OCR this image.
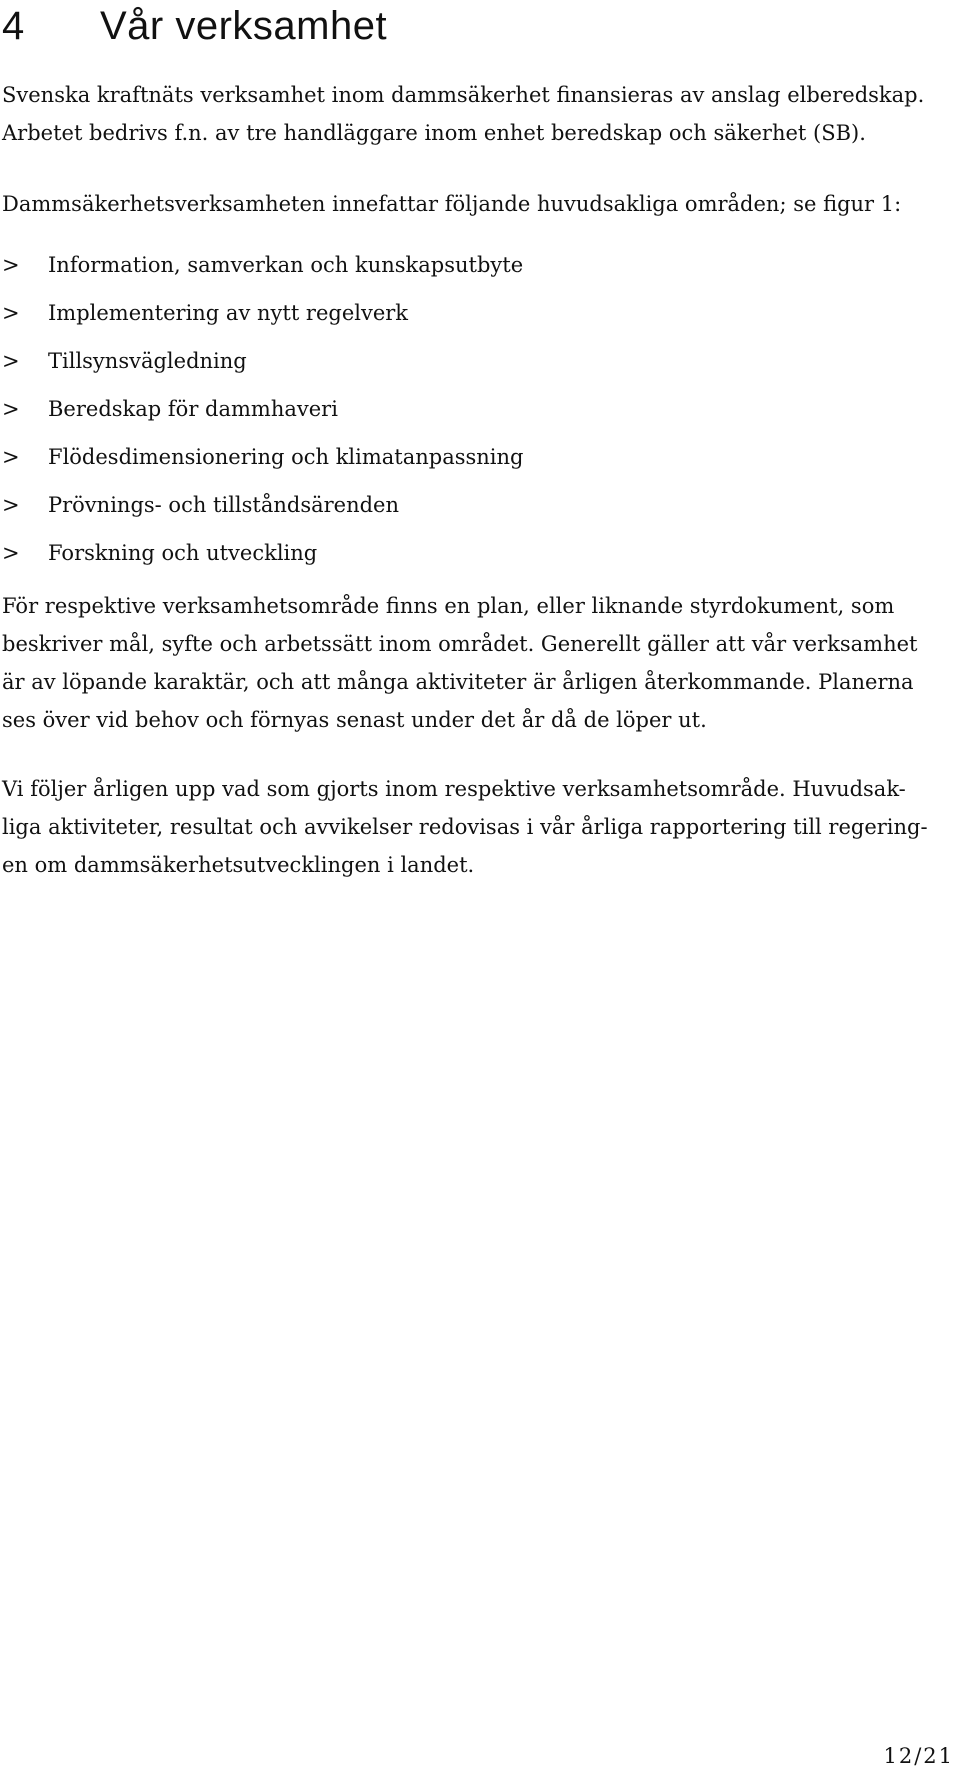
4 Vår verksamhet

Svenska kraftnäts verksamhet inom dammsäkerhet finansieras av anslag elberedskap.
Arbetet bedrivs f.n. av tre handläggare inom enhet beredskap och säkerhet (SB).

Dammsäkerhetsverksamheten innefattar följande huvudsakliga områden; se figur 1:

>	Information, samverkan och kunskapsutbyte
>	Implementering av nytt regelverk
>	Tillsynsvägledning
>	Beredskap för dammhaveri
>	Flödesdimensionering och klimatanpassning
>	Prövnings- och tillståndsärenden
>	Forskning och utveckling

För respektive verksamhetsområde finns en plan, eller liknande styrdokument, som
beskriver mål, syfte och arbetssätt inom området. Generellt gäller att vår verksamhet
är av löpande karaktär, och att många aktiviteter är årligen återkommande. Planerna
ses över vid behov och förnyas senast under det år då de löper ut.

Vi följer årligen upp vad som gjorts inom respektive verksamhetsområde. Huvudsak-
liga aktiviteter, resultat och avvikelser redovisas i vår årliga rapportering till regering-
en om dammsäkerhetsutvecklingen i landet.

12/21
